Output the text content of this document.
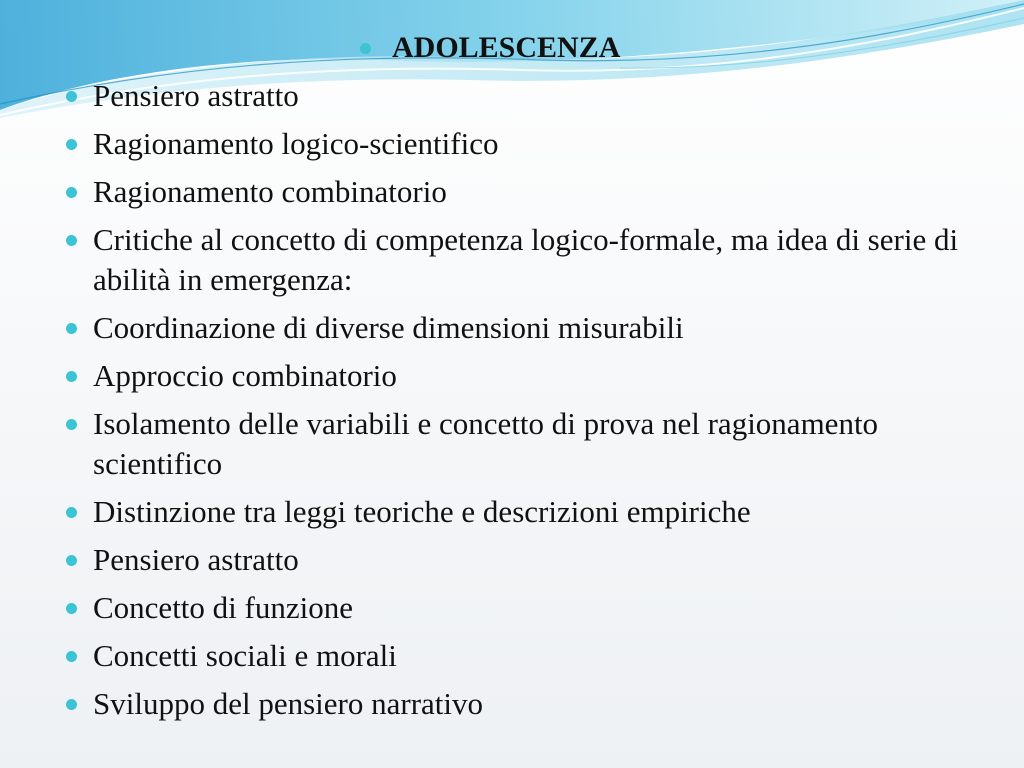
ADOLESCENZA
Pensiero astratto
Ragionamento logico-scientifico
Ragionamento combinatorio
Critiche al concetto di competenza logico-formale, ma idea di serie di abilità in emergenza:
Coordinazione di diverse dimensioni misurabili
Approccio combinatorio
Isolamento delle variabili e concetto di prova nel ragionamento scientifico
Distinzione tra leggi teoriche e descrizioni empiriche
Pensiero astratto
Concetto di funzione
Concetti sociali e morali
Sviluppo del pensiero narrativo
